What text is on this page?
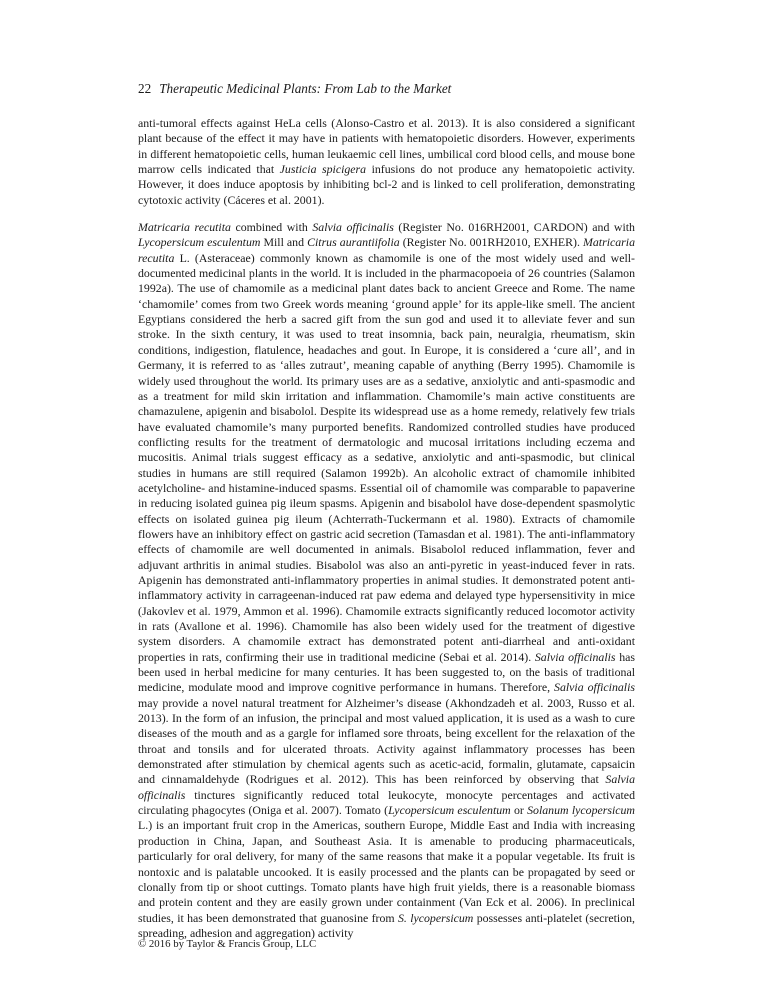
22 Therapeutic Medicinal Plants: From Lab to the Market

anti-tumoral effects against HeLa cells (Alonso-Castro et al. 2013). It is also considered a significant plant because of the effect it may have in patients with hematopoietic disorders. However, experiments in different hematopoietic cells, human leukaemic cell lines, umbilical cord blood cells, and mouse bone marrow cells indicated that Justicia spicigera infusions do not produce any hematopoietic activity. However, it does induce apoptosis by inhibiting bcl-2 and is linked to cell proliferation, demonstrating cytotoxic activity (Cáceres et al. 2001).

Matricaria recutita combined with Salvia officinalis (Register No. 016RH2001, CARDON) and with Lycopersicum esculentum Mill and Citrus aurantiifolia (Register No. 001RH2010, EXHER). Matricaria recutita L. (Asteraceae) commonly known as chamomile is one of the most widely used and well-documented medicinal plants in the world. It is included in the pharmacopoeia of 26 countries (Salamon 1992a). The use of chamomile as a medicinal plant dates back to ancient Greece and Rome. The name ‘chamomile’ comes from two Greek words meaning ‘ground apple’ for its apple-like smell. The ancient Egyptians considered the herb a sacred gift from the sun god and used it to alleviate fever and sun stroke. In the sixth century, it was used to treat insomnia, back pain, neuralgia, rheumatism, skin conditions, indigestion, flatulence, headaches and gout. In Europe, it is considered a ‘cure all’, and in Germany, it is referred to as ‘alles zutraut’, meaning capable of anything (Berry 1995). Chamomile is widely used throughout the world. Its primary uses are as a sedative, anxiolytic and anti-spasmodic and as a treatment for mild skin irritation and inflammation. Chamomile’s main active constituents are chamazulene, apigenin and bisabolol. Despite its widespread use as a home remedy, relatively few trials have evaluated chamomile’s many purported benefits. Randomized controlled studies have produced conflicting results for the treatment of dermatologic and mucosal irritations including eczema and mucositis. Animal trials suggest efficacy as a sedative, anxiolytic and anti-spasmodic, but clinical studies in humans are still required (Salamon 1992b). An alcoholic extract of chamomile inhibited acetylcholine- and histamine-induced spasms. Essential oil of chamomile was comparable to papaverine in reducing isolated guinea pig ileum spasms. Apigenin and bisabolol have dose-dependent spasmolytic effects on isolated guinea pig ileum (Achterrath-Tuckermann et al. 1980). Extracts of chamomile flowers have an inhibitory effect on gastric acid secretion (Tamasdan et al. 1981). The anti-inflammatory effects of chamomile are well documented in animals. Bisabolol reduced inflammation, fever and adjuvant arthritis in animal studies. Bisabolol was also an anti-pyretic in yeast-induced fever in rats. Apigenin has demonstrated anti-inflammatory properties in animal studies. It demonstrated potent anti-inflammatory activity in carrageenan-induced rat paw edema and delayed type hypersensitivity in mice (Jakovlev et al. 1979, Ammon et al. 1996). Chamomile extracts significantly reduced locomotor activity in rats (Avallone et al. 1996). Chamomile has also been widely used for the treatment of digestive system disorders. A chamomile extract has demonstrated potent anti-diarrheal and anti-oxidant properties in rats, confirming their use in traditional medicine (Sebai et al. 2014). Salvia officinalis has been used in herbal medicine for many centuries. It has been suggested to, on the basis of traditional medicine, modulate mood and improve cognitive performance in humans. Therefore, Salvia officinalis may provide a novel natural treatment for Alzheimer’s disease (Akhondzadeh et al. 2003, Russo et al. 2013). In the form of an infusion, the principal and most valued application, it is used as a wash to cure diseases of the mouth and as a gargle for inflamed sore throats, being excellent for the relaxation of the throat and tonsils and for ulcerated throats. Activity against inflammatory processes has been demonstrated after stimulation by chemical agents such as acetic-acid, formalin, glutamate, capsaicin and cinnamaldehyde (Rodrigues et al. 2012). This has been reinforced by observing that Salvia officinalis tinctures significantly reduced total leukocyte, monocyte percentages and activated circulating phagocytes (Oniga et al. 2007). Tomato (Lycopersicum esculentum or Solanum lycopersicum L.) is an important fruit crop in the Americas, southern Europe, Middle East and India with increasing production in China, Japan, and Southeast Asia. It is amenable to producing pharmaceuticals, particularly for oral delivery, for many of the same reasons that make it a popular vegetable. Its fruit is nontoxic and is palatable uncooked. It is easily processed and the plants can be propagated by seed or clonally from tip or shoot cuttings. Tomato plants have high fruit yields, there is a reasonable biomass and protein content and they are easily grown under containment (Van Eck et al. 2006). In preclinical studies, it has been demonstrated that guanosine from S. lycopersicum possesses anti-platelet (secretion, spreading, adhesion and aggregation) activity

© 2016 by Taylor & Francis Group, LLC
